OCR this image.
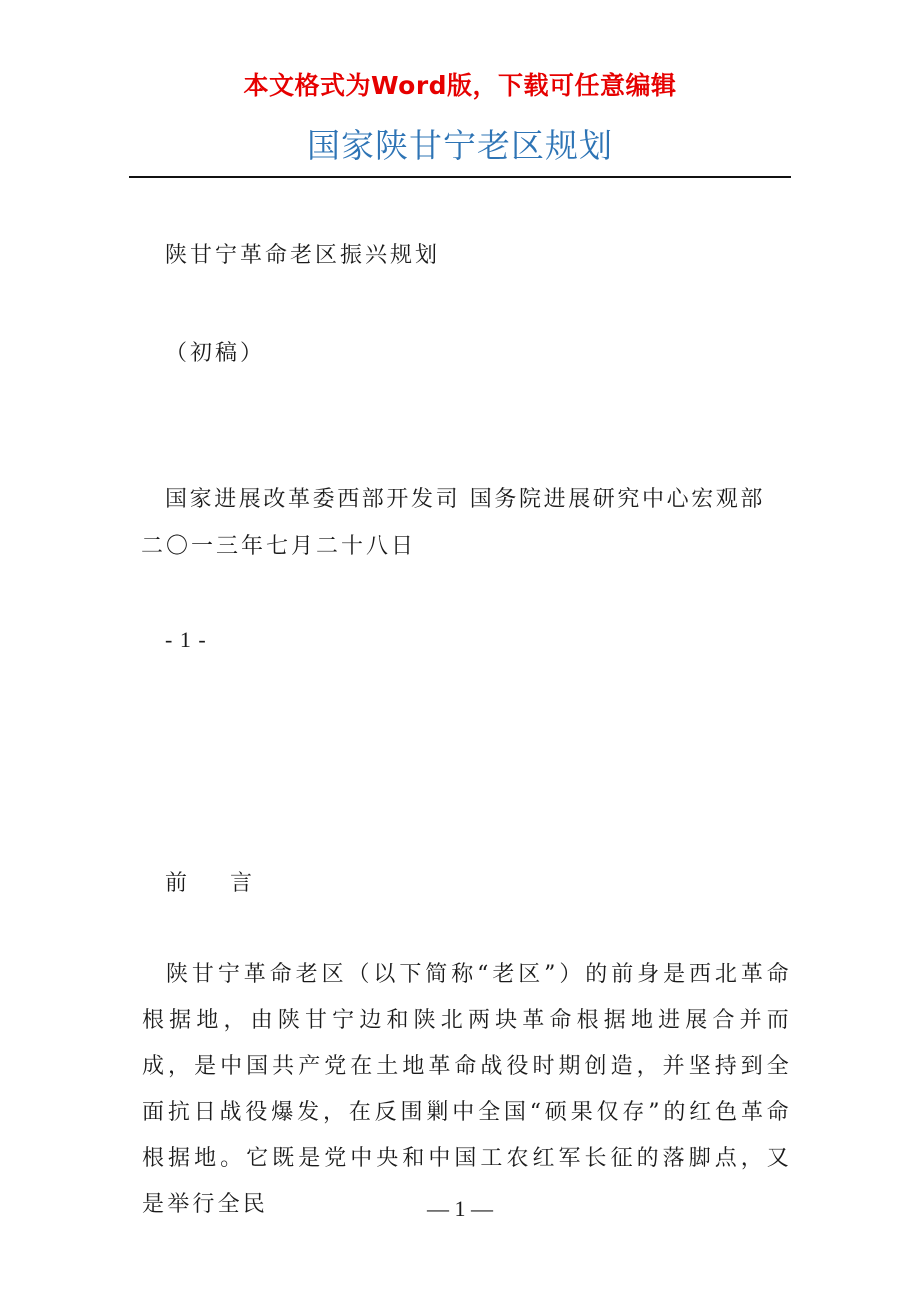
本文格式为Word版，下载可任意编辑
国家陕甘宁老区规划
陕甘宁革命老区振兴规划
（初稿）
国家进展改革委西部开发司 国务院进展研究中心宏观部
二〇一三年七月二十八日
- 1 -
前    言
陕甘宁革命老区（以下简称“老区”）的前身是西北革命根据地，由陕甘宁边和陕北两块革命根据地进展合并而成，是中国共产党在土地革命战役时期创造，并坚持到全面抗日战役爆发，在反围剿中全国“硕果仅存”的红色革命根据地。它既是党中央和中国工农红军长征的落脚点，又是举行全民	— 1 —
